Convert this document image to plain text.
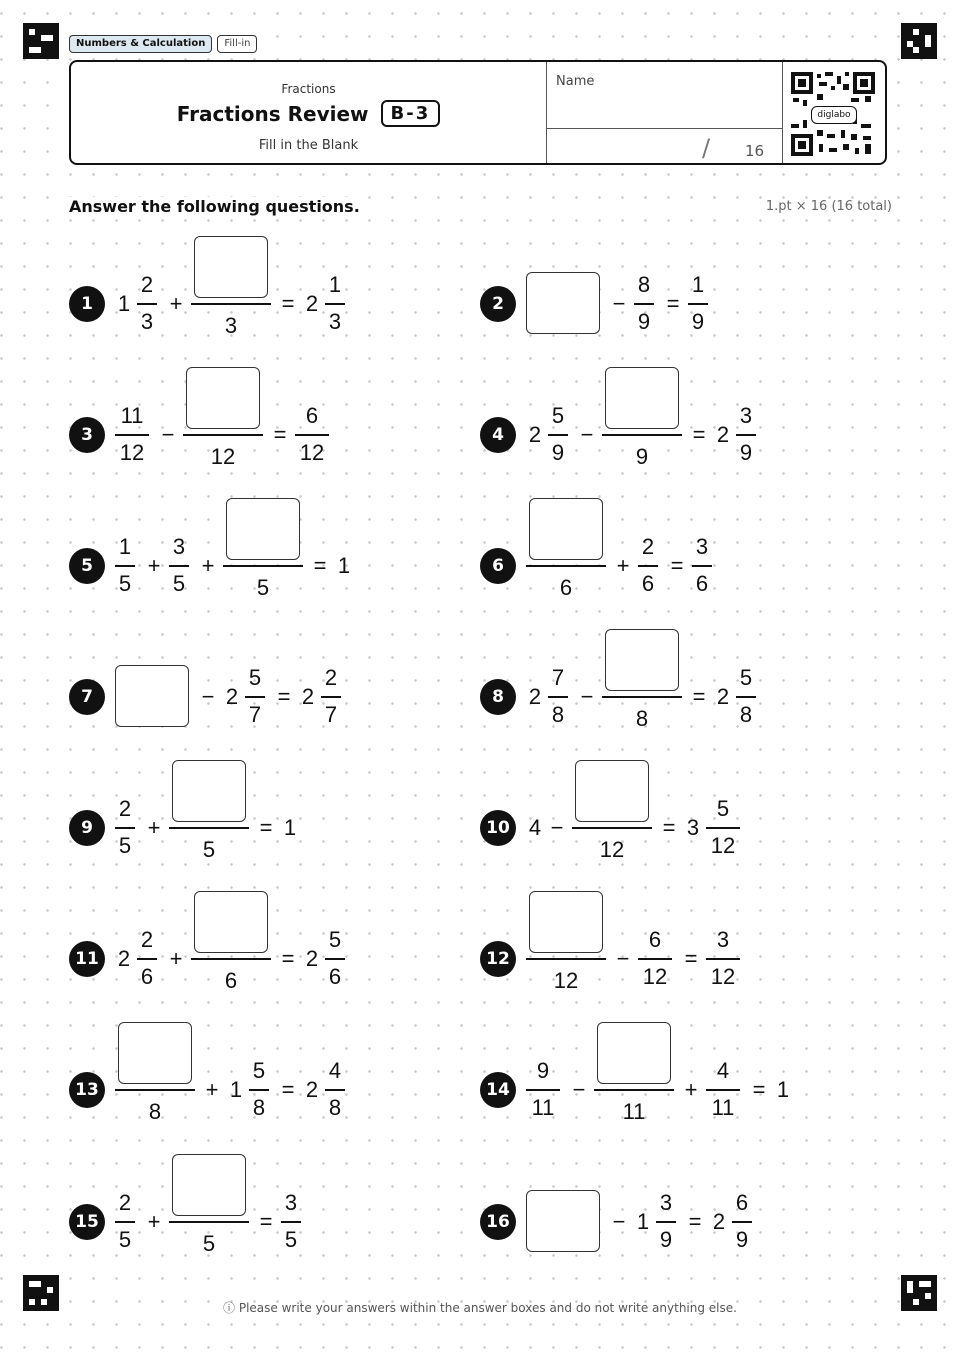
Numbers & Calculation	Fill-in
Fractions
Fractions Review	B-3
Fill in the Blank
Name
/ 16
diglabo
Answer the following questions.	1.pt × 16 (16 total)
1	1
2
3
+
3
= 2
1
3
2	−
8
9
=
1
9
3
11
12
−
12
=
6
12
4	2
5
9
−
9
= 2
3
9
5
1
5
+
3
5
+
5
= 1	6
6
+
2
6
=
3
6
7	− 2
5
7
= 2
2
7
8	2
7
8
−
8
= 2
5
8
9
2
5
+
5
= 1	10 4 −
12
= 3
5
12
11 2
2
6
+
6
= 2
5
6
12
12
−
6
12
=
3
12
13
8
+ 1
5
8
= 2
4
8
14
9
11
−
11
+
4
11
= 1
15
2
5
+
5
=
3
5
16	− 1
3
9
= 2
6
9
ⓘ Please write your answers within the answer boxes and do not write anything else.
